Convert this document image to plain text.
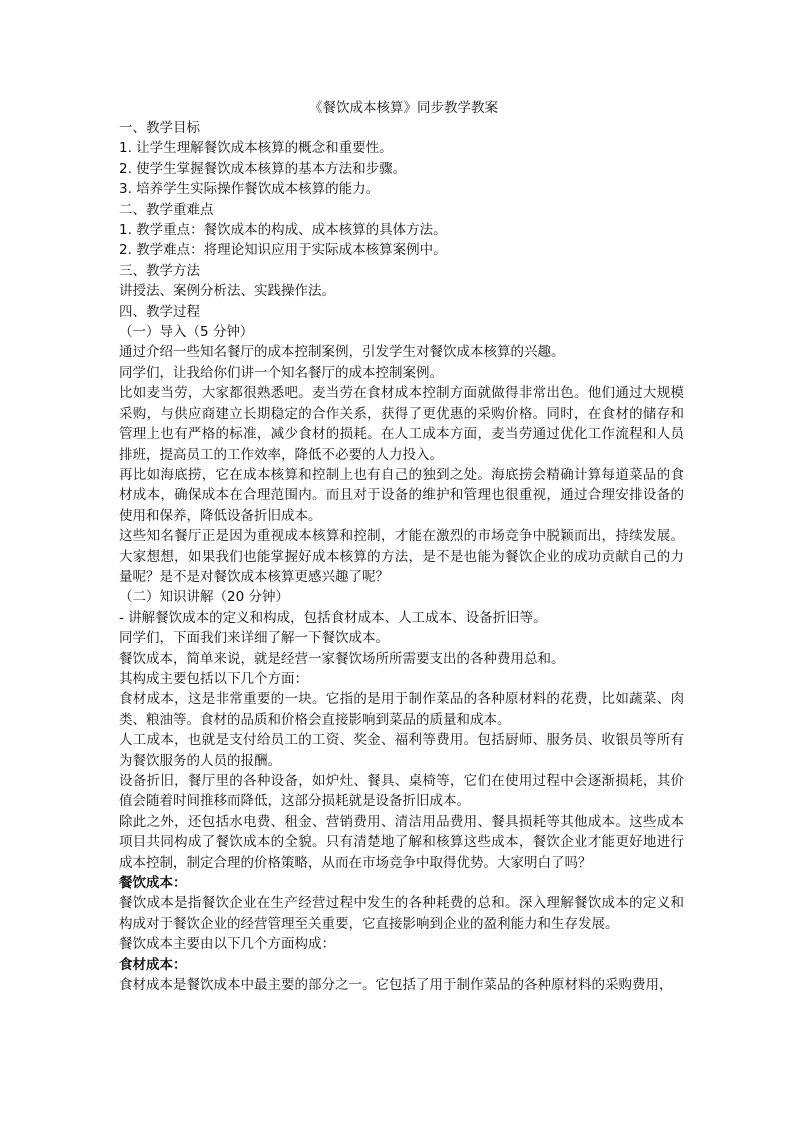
《餐饮成本核算》同步教学教案

一、教学目标

1. 让学生理解餐饮成本核算的概念和重要性。

2. 使学生掌握餐饮成本核算的基本方法和步骤。

3. 培养学生实际操作餐饮成本核算的能力。

二、教学重难点

1. 教学重点：餐饮成本的构成、成本核算的具体方法。

2. 教学难点：将理论知识应用于实际成本核算案例中。

三、教学方法

讲授法、案例分析法、实践操作法。

四、教学过程

（一）导入（5 分钟）

通过介绍一些知名餐厅的成本控制案例，引发学生对餐饮成本核算的兴趣。

同学们，让我给你们讲一个知名餐厅的成本控制案例。

比如麦当劳，大家都很熟悉吧。麦当劳在食材成本控制方面就做得非常出色。他们通过大规模采购，与供应商建立长期稳定的合作关系，获得了更优惠的采购价格。同时，在食材的储存和管理上也有严格的标准，减少食材的损耗。在人工成本方面，麦当劳通过优化工作流程和人员排班，提高员工的工作效率，降低不必要的人力投入。

再比如海底捞，它在成本核算和控制上也有自己的独到之处。海底捞会精确计算每道菜品的食材成本，确保成本在合理范围内。而且对于设备的维护和管理也很重视，通过合理安排设备的使用和保养，降低设备折旧成本。

这些知名餐厅正是因为重视成本核算和控制，才能在激烈的市场竞争中脱颖而出，持续发展。大家想想，如果我们也能掌握好成本核算的方法，是不是也能为餐饮企业的成功贡献自己的力量呢？是不是对餐饮成本核算更感兴趣了呢？

（二）知识讲解（20 分钟）

- 讲解餐饮成本的定义和构成，包括食材成本、人工成本、设备折旧等。

同学们，下面我们来详细了解一下餐饮成本。

餐饮成本，简单来说，就是经营一家餐饮场所所需要支出的各种费用总和。

其构成主要包括以下几个方面：

食材成本，这是非常重要的一块。它指的是用于制作菜品的各种原材料的花费，比如蔬菜、肉类、粮油等。食材的品质和价格会直接影响到菜品的质量和成本。

人工成本，也就是支付给员工的工资、奖金、福利等费用。包括厨师、服务员、收银员等所有为餐饮服务的人员的报酬。

设备折旧，餐厅里的各种设备，如炉灶、餐具、桌椅等，它们在使用过程中会逐渐损耗，其价值会随着时间推移而降低，这部分损耗就是设备折旧成本。

除此之外，还包括水电费、租金、营销费用、清洁用品费用、餐具损耗等其他成本。这些成本项目共同构成了餐饮成本的全貌。只有清楚地了解和核算这些成本，餐饮企业才能更好地进行成本控制，制定合理的价格策略，从而在市场竞争中取得优势。大家明白了吗？

餐饮成本：

餐饮成本是指餐饮企业在生产经营过程中发生的各种耗费的总和。深入理解餐饮成本的定义和构成对于餐饮企业的经营管理至关重要，它直接影响到企业的盈利能力和生存发展。

餐饮成本主要由以下几个方面构成：

食材成本：

食材成本是餐饮成本中最主要的部分之一。它包括了用于制作菜品的各种原材料的采购费用，
